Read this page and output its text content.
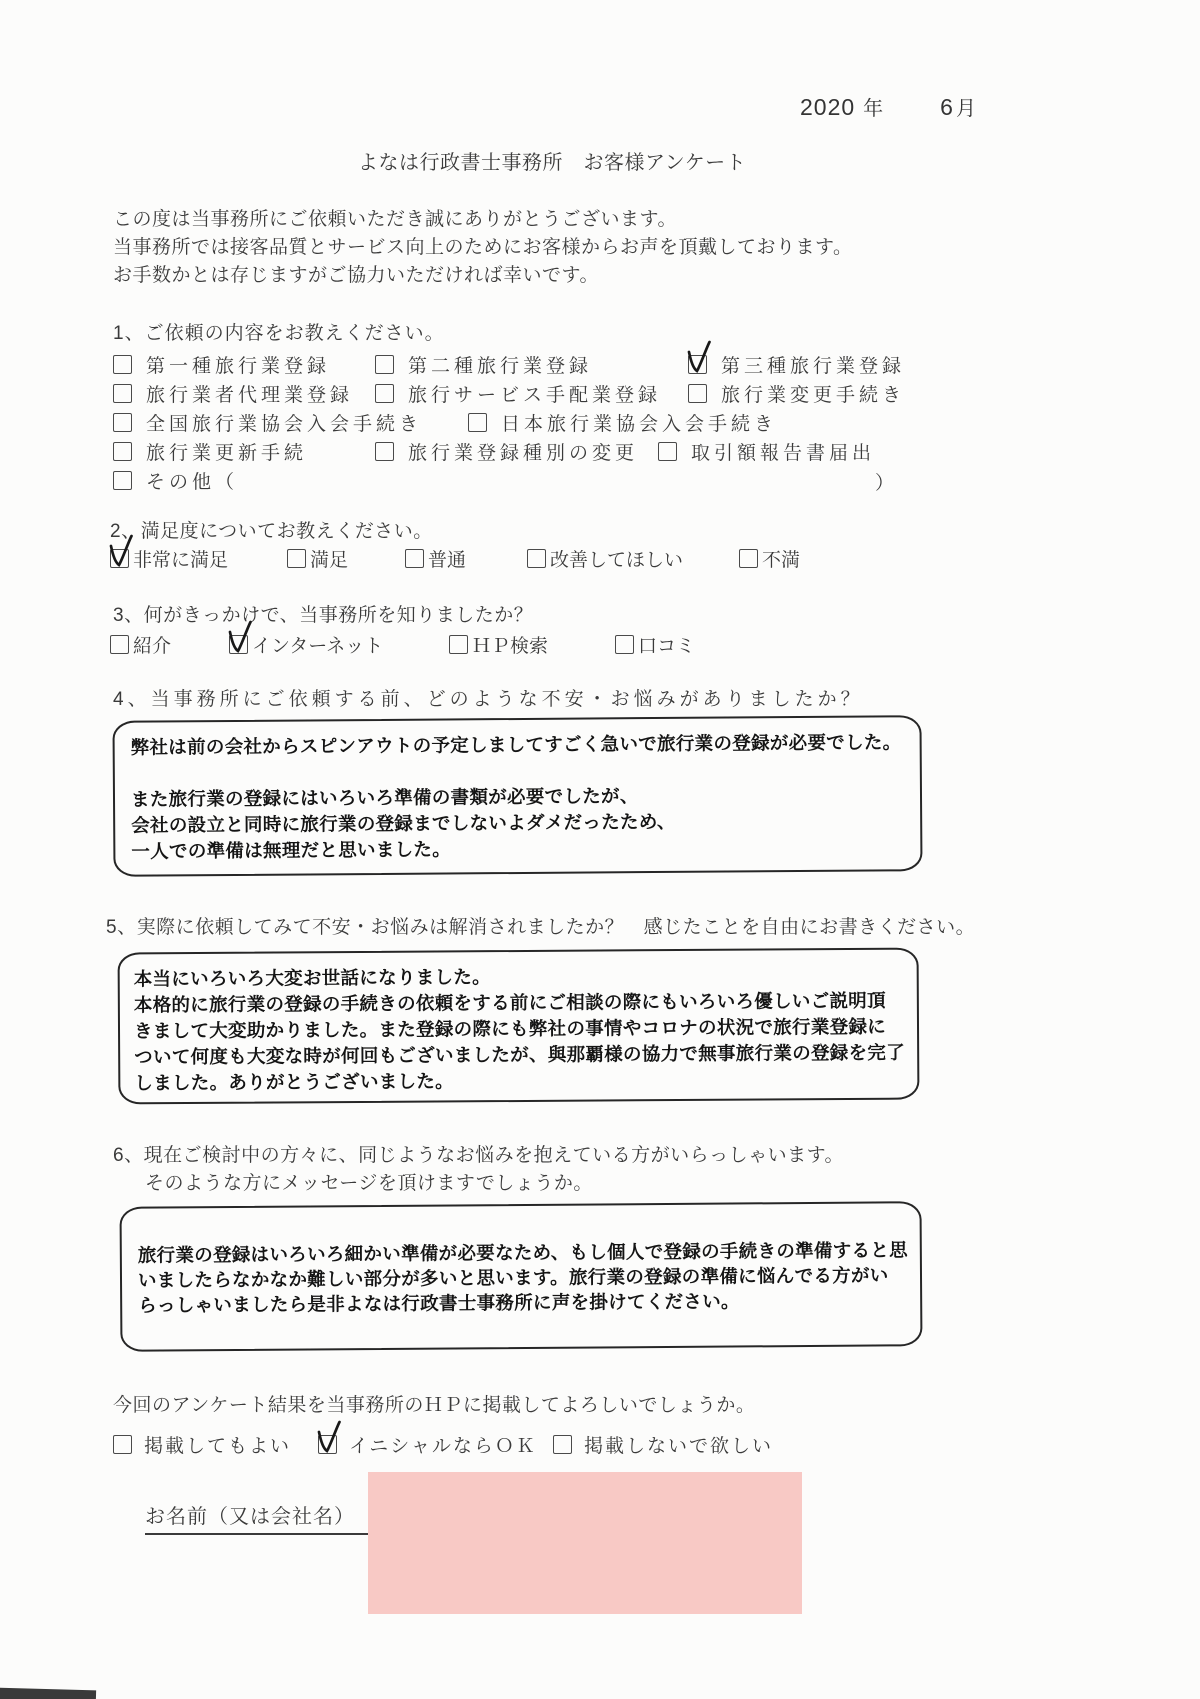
2020 年 6 月
よなは行政書士事務所　お客様アンケート
この度は当事務所にご依頼いただき誠にありがとうございます。
当事務所では接客品質とサービス向上のためにお客様からお声を頂戴しております。
お手数かとは存じますがご協力いただければ幸いです。
1、ご依頼の内容をお教えください。
第一種旅行業登録	第二種旅行業登録	第三種旅行業登録
旅行業者代理業登録	旅行サービス手配業登録	旅行業変更手続き
全国旅行業協会入会手続き	日本旅行業協会入会手続き
旅行業更新手続	旅行業登録種別の変更	取引額報告書届出
その他（	）
2、満足度についてお教えください。
非常に満足	満足	普通	改善してほしい	不満
3、何がきっかけで、当事務所を知りましたか？
紹介	インターネット	ＨＰ検索	口コミ
4、当事務所にご依頼する前、どのような不安・お悩みがありましたか？
弊社は前の会社からスピンアウトの予定しましてすごく急いで旅行業の登録が必要でした。

また旅行業の登録にはいろいろ準備の書類が必要でしたが、
会社の設立と同時に旅行業の登録までしないよダメだったため、
一人での準備は無理だと思いました。
5、実際に依頼してみて不安・お悩みは解消されましたか？　感じたことを自由にお書きください。
本当にいろいろ大変お世話になりました。
本格的に旅行業の登録の手続きの依頼をする前にご相談の際にもいろいろ優しいご説明頂
きまして大変助かりました。また登録の際にも弊社の事情やコロナの状況で旅行業登録に
ついて何度も大変な時が何回もございましたが、與那覇様の協力で無事旅行業の登録を完了
しました。ありがとうございました。
6、現在ご検討中の方々に、同じようなお悩みを抱えている方がいらっしゃいます。
そのような方にメッセージを頂けますでしょうか。
旅行業の登録はいろいろ細かい準備が必要なため、もし個人で登録の手続きの準備すると思
いましたらなかなか難しい部分が多いと思います。旅行業の登録の準備に悩んでる方がい
らっしゃいましたら是非よなは行政書士事務所に声を掛けてください。
今回のアンケート結果を当事務所のＨＰに掲載してよろしいでしょうか。
掲載してもよい	イニシャルならＯＫ 掲載しないで欲しい
お名前（又は会社名）
